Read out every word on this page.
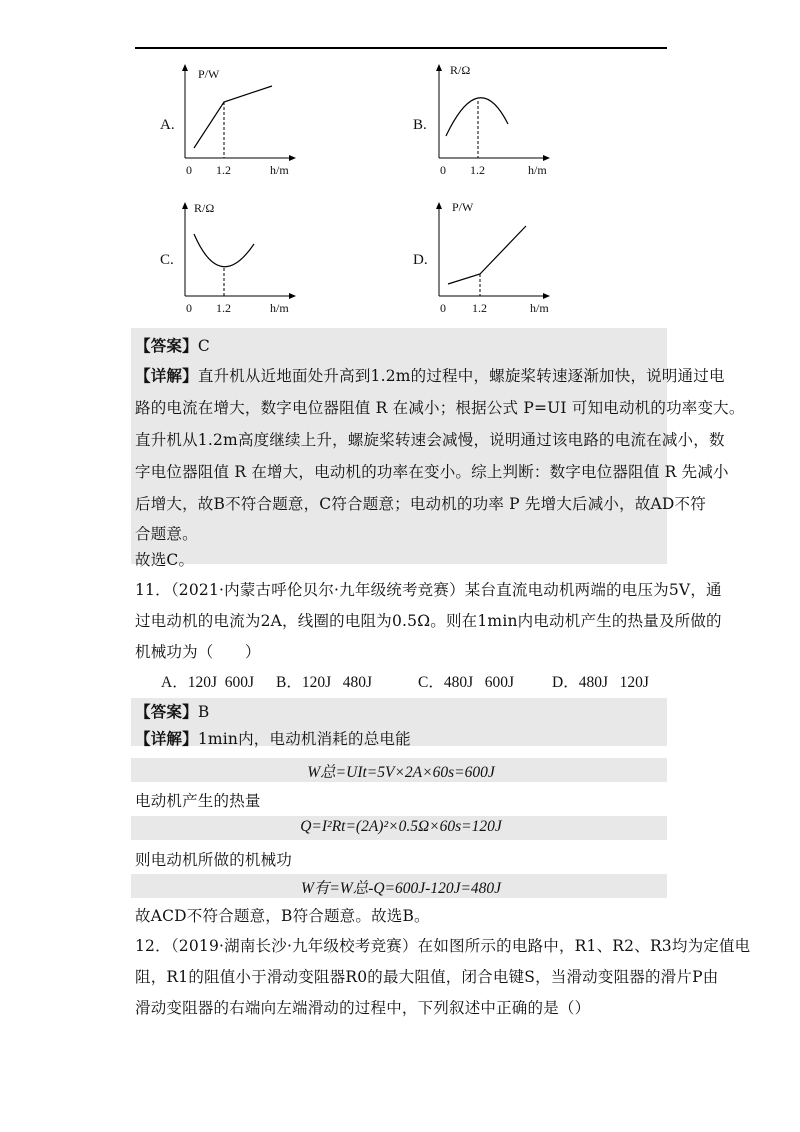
A.
P/W
0 1.2	h/m
B.
R/Ω
0 1.2	h/m
C.
R/Ω
0 1.2	h/m
D.
P/W
0 1.2	h/m
【答案】C
【详解】直升机从近地面处升高到1.2m的过程中，螺旋桨转速逐渐加快，说明通过电
路的电流在增大，数字电位器阻值 R 在减小；根据公式 P=UI 可知电动机的功率变大。
直升机从1.2m高度继续上升，螺旋桨转速会减慢，说明通过该电路的电流在减小，数
字电位器阻值 R 在增大，电动机的功率在变小。综上判断：数字电位器阻值 R 先减小
后增大，故B不符合题意，C符合题意；电动机的功率 P 先增大后减小，故AD不符
合题意。
故选C。
11．（2021·内蒙古呼伦贝尔·九年级统考竞赛）某台直流电动机两端的电压为5V，通
过电动机的电流为2A，线圈的电阻为0.5Ω。则在1min内电动机产生的热量及所做的
机械功为（　　）
A．120J  600J B．120J   480J	C．480J   600J D．480J   120J
【答案】B
【详解】1min内，电动机消耗的总电能
W总=UIt=5V×2A×60s=600J
电动机产生的热量
Q=I²Rt=(2A)²×0.5Ω×60s=120J
则电动机所做的机械功
W有=W总-Q=600J-120J=480J
故ACD不符合题意，B符合题意。故选B。
12．（2019·湖南长沙·九年级校考竞赛）在如图所示的电路中，R1、R2、R3均为定值电
阻，R1的阻值小于滑动变阻器R0的最大阻值，闭合电键S，当滑动变阻器的滑片P由
滑动变阻器的右端向左端滑动的过程中，下列叙述中正确的是（）
